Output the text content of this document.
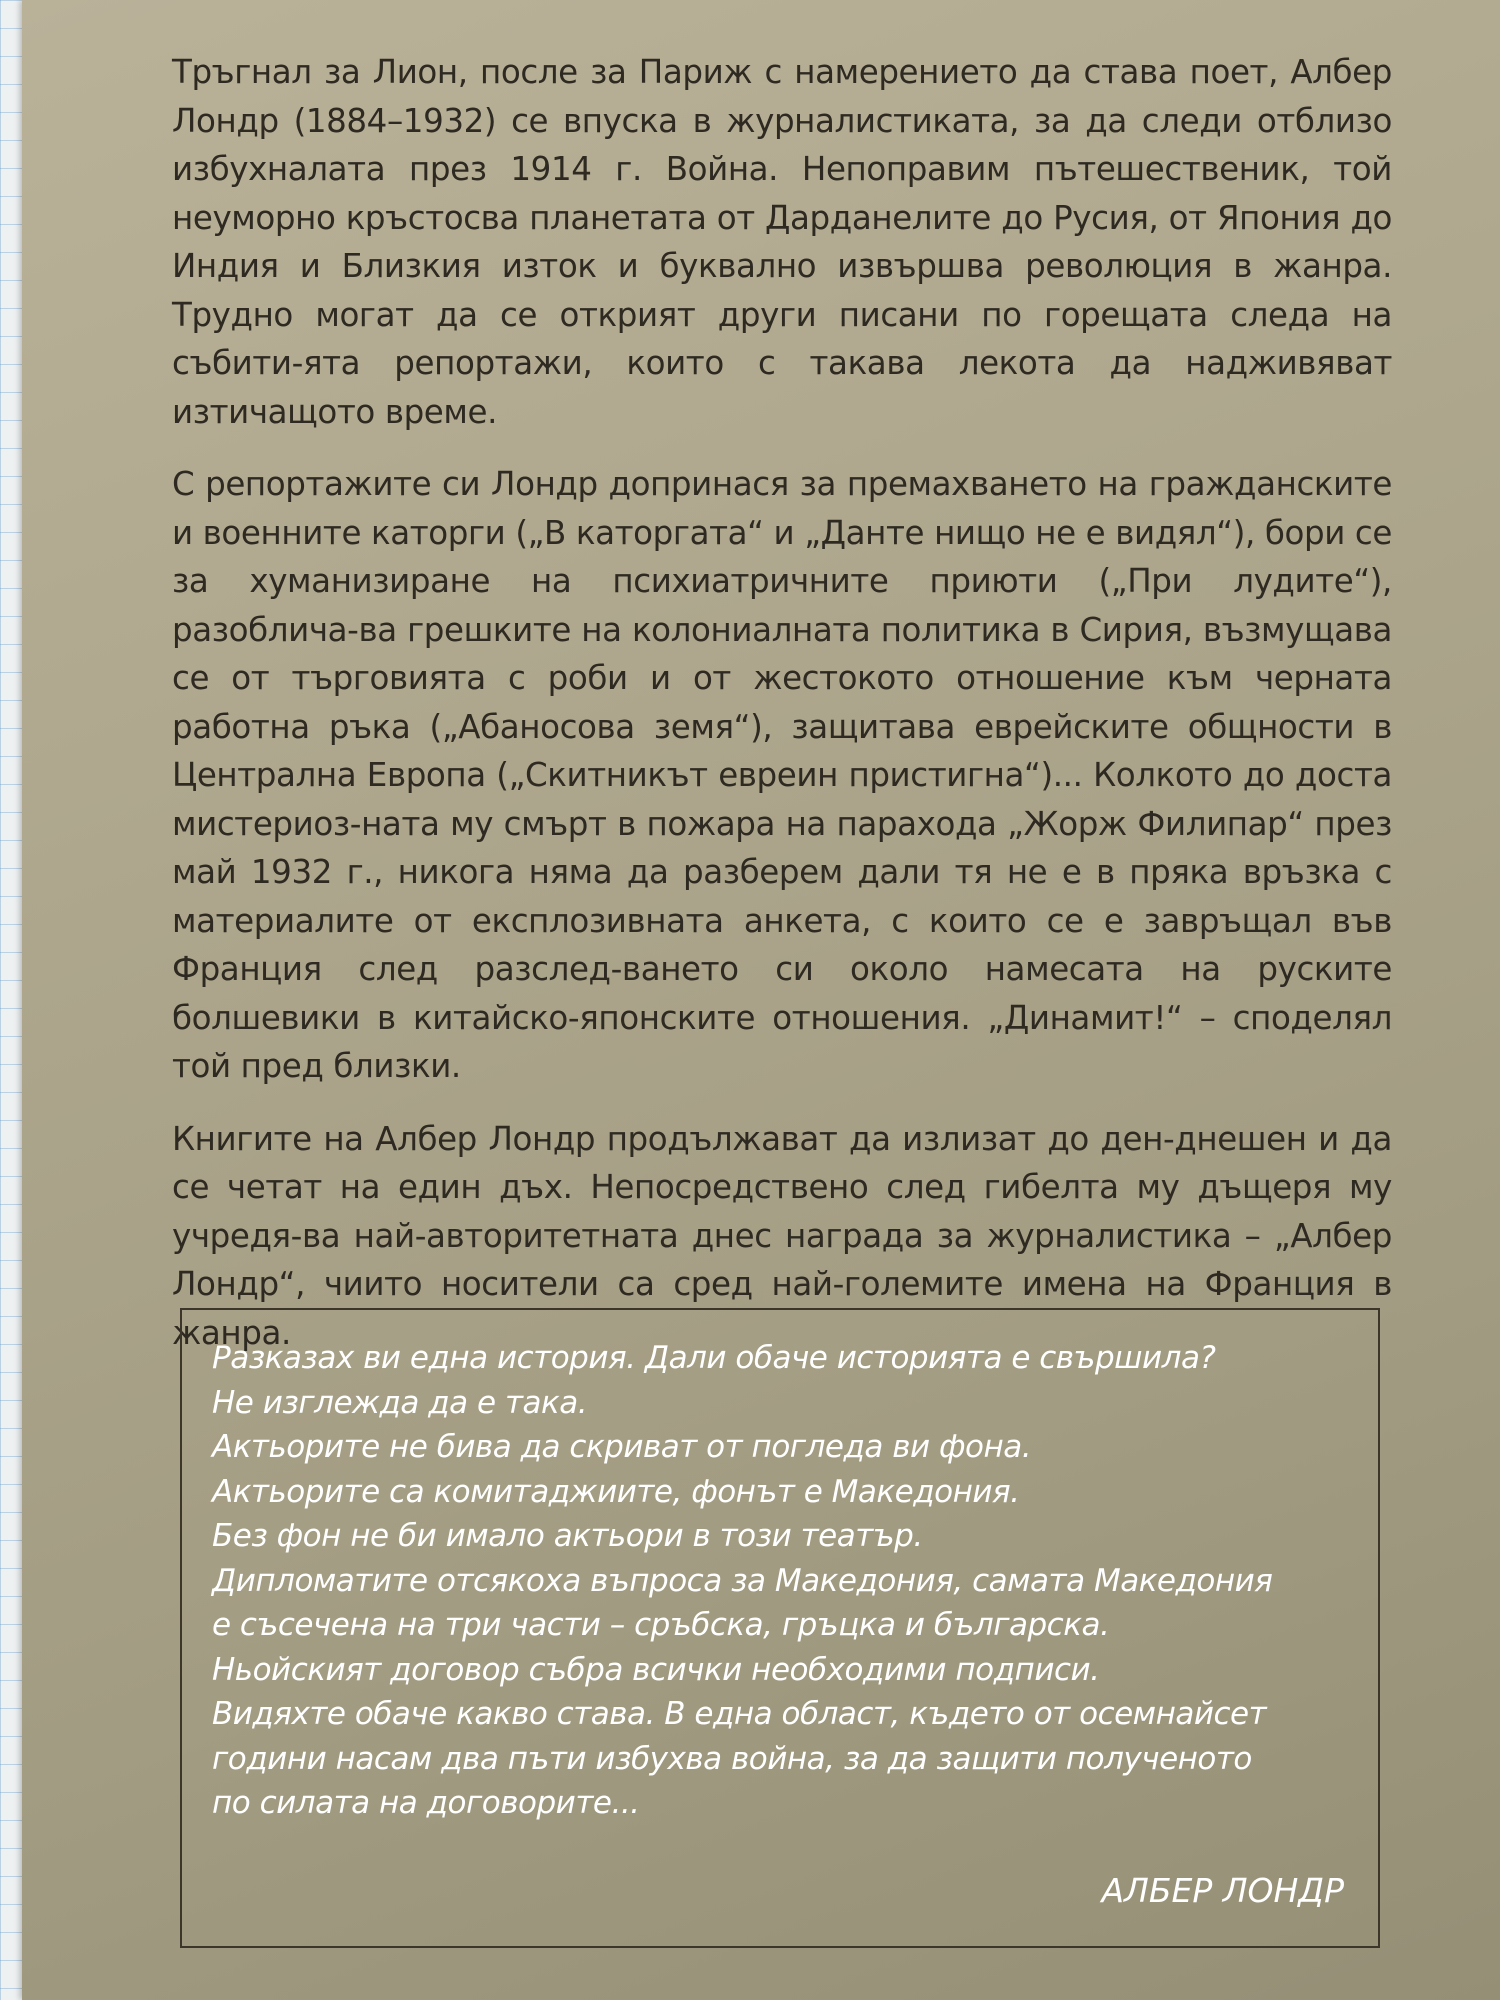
Тръгнал за Лион, после за Париж с намерението да става поет, Албер Лондр (1884–1932) се впуска в журналистиката, за да следи отблизо избухналата през 1914 г. Война. Непоправим пътешественик, той неуморно кръстосва планетата от Дарданелите до Русия, от Япония до Индия и Близкия изток и буквално извършва революция в жанра. Трудно могат да се открият други писани по горещата следа на събити-ята репортажи, които с такава лекота да надживяват изтичащото време.

С репортажите си Лондр допринася за премахването на гражданските и военните каторги („В каторгата“ и „Данте нищо не е видял“), бори се за хуманизиране на психиатричните приюти („При лудите“), разоблича-ва грешките на колониалната политика в Сирия, възмущава се от търговията с роби и от жестокото отношение към черната работна ръка („Абаносова земя“), защитава еврейските общности в Централна Европа („Скитникът евреин пристигна“)... Колкото до доста мистериоз-ната му смърт в пожара на парахода „Жорж Филипар“ през май 1932 г., никога няма да разберем дали тя не е в пряка връзка с материалите от експлозивната анкета, с които се е завръщал във Франция след разслед-ването си около намесата на руските болшевики в китайско-японските отношения. „Динамит!“ – споделял той пред близки.

Книгите на Албер Лондр продължават да излизат до ден-днешен и да се четат на един дъх. Непосредствено след гибелта му дъщеря му учредя-ва най-авторитетната днес награда за журналистика – „Албер Лондр“, чиито носители са сред най-големите имена на Франция в жанра.

Разказах ви една история. Дали обаче историята е свършила?
Не изглежда да е така.
Актьорите не бива да скриват от погледа ви фона.
Актьорите са комитаджиите, фонът е Македония.
Без фон не би имало актьори в този театър.
Дипломатите отсякоха въпроса за Македония, самата Македония
е съсечена на три части – сръбска, гръцка и българска.
Ньойският договор събра всички необходими подписи.
Видяхте обаче какво става. В една област, където от осемнайсет
години насам два пъти избухва война, за да защити полученото
по силата на договорите...
АЛБЕР ЛОНДР
